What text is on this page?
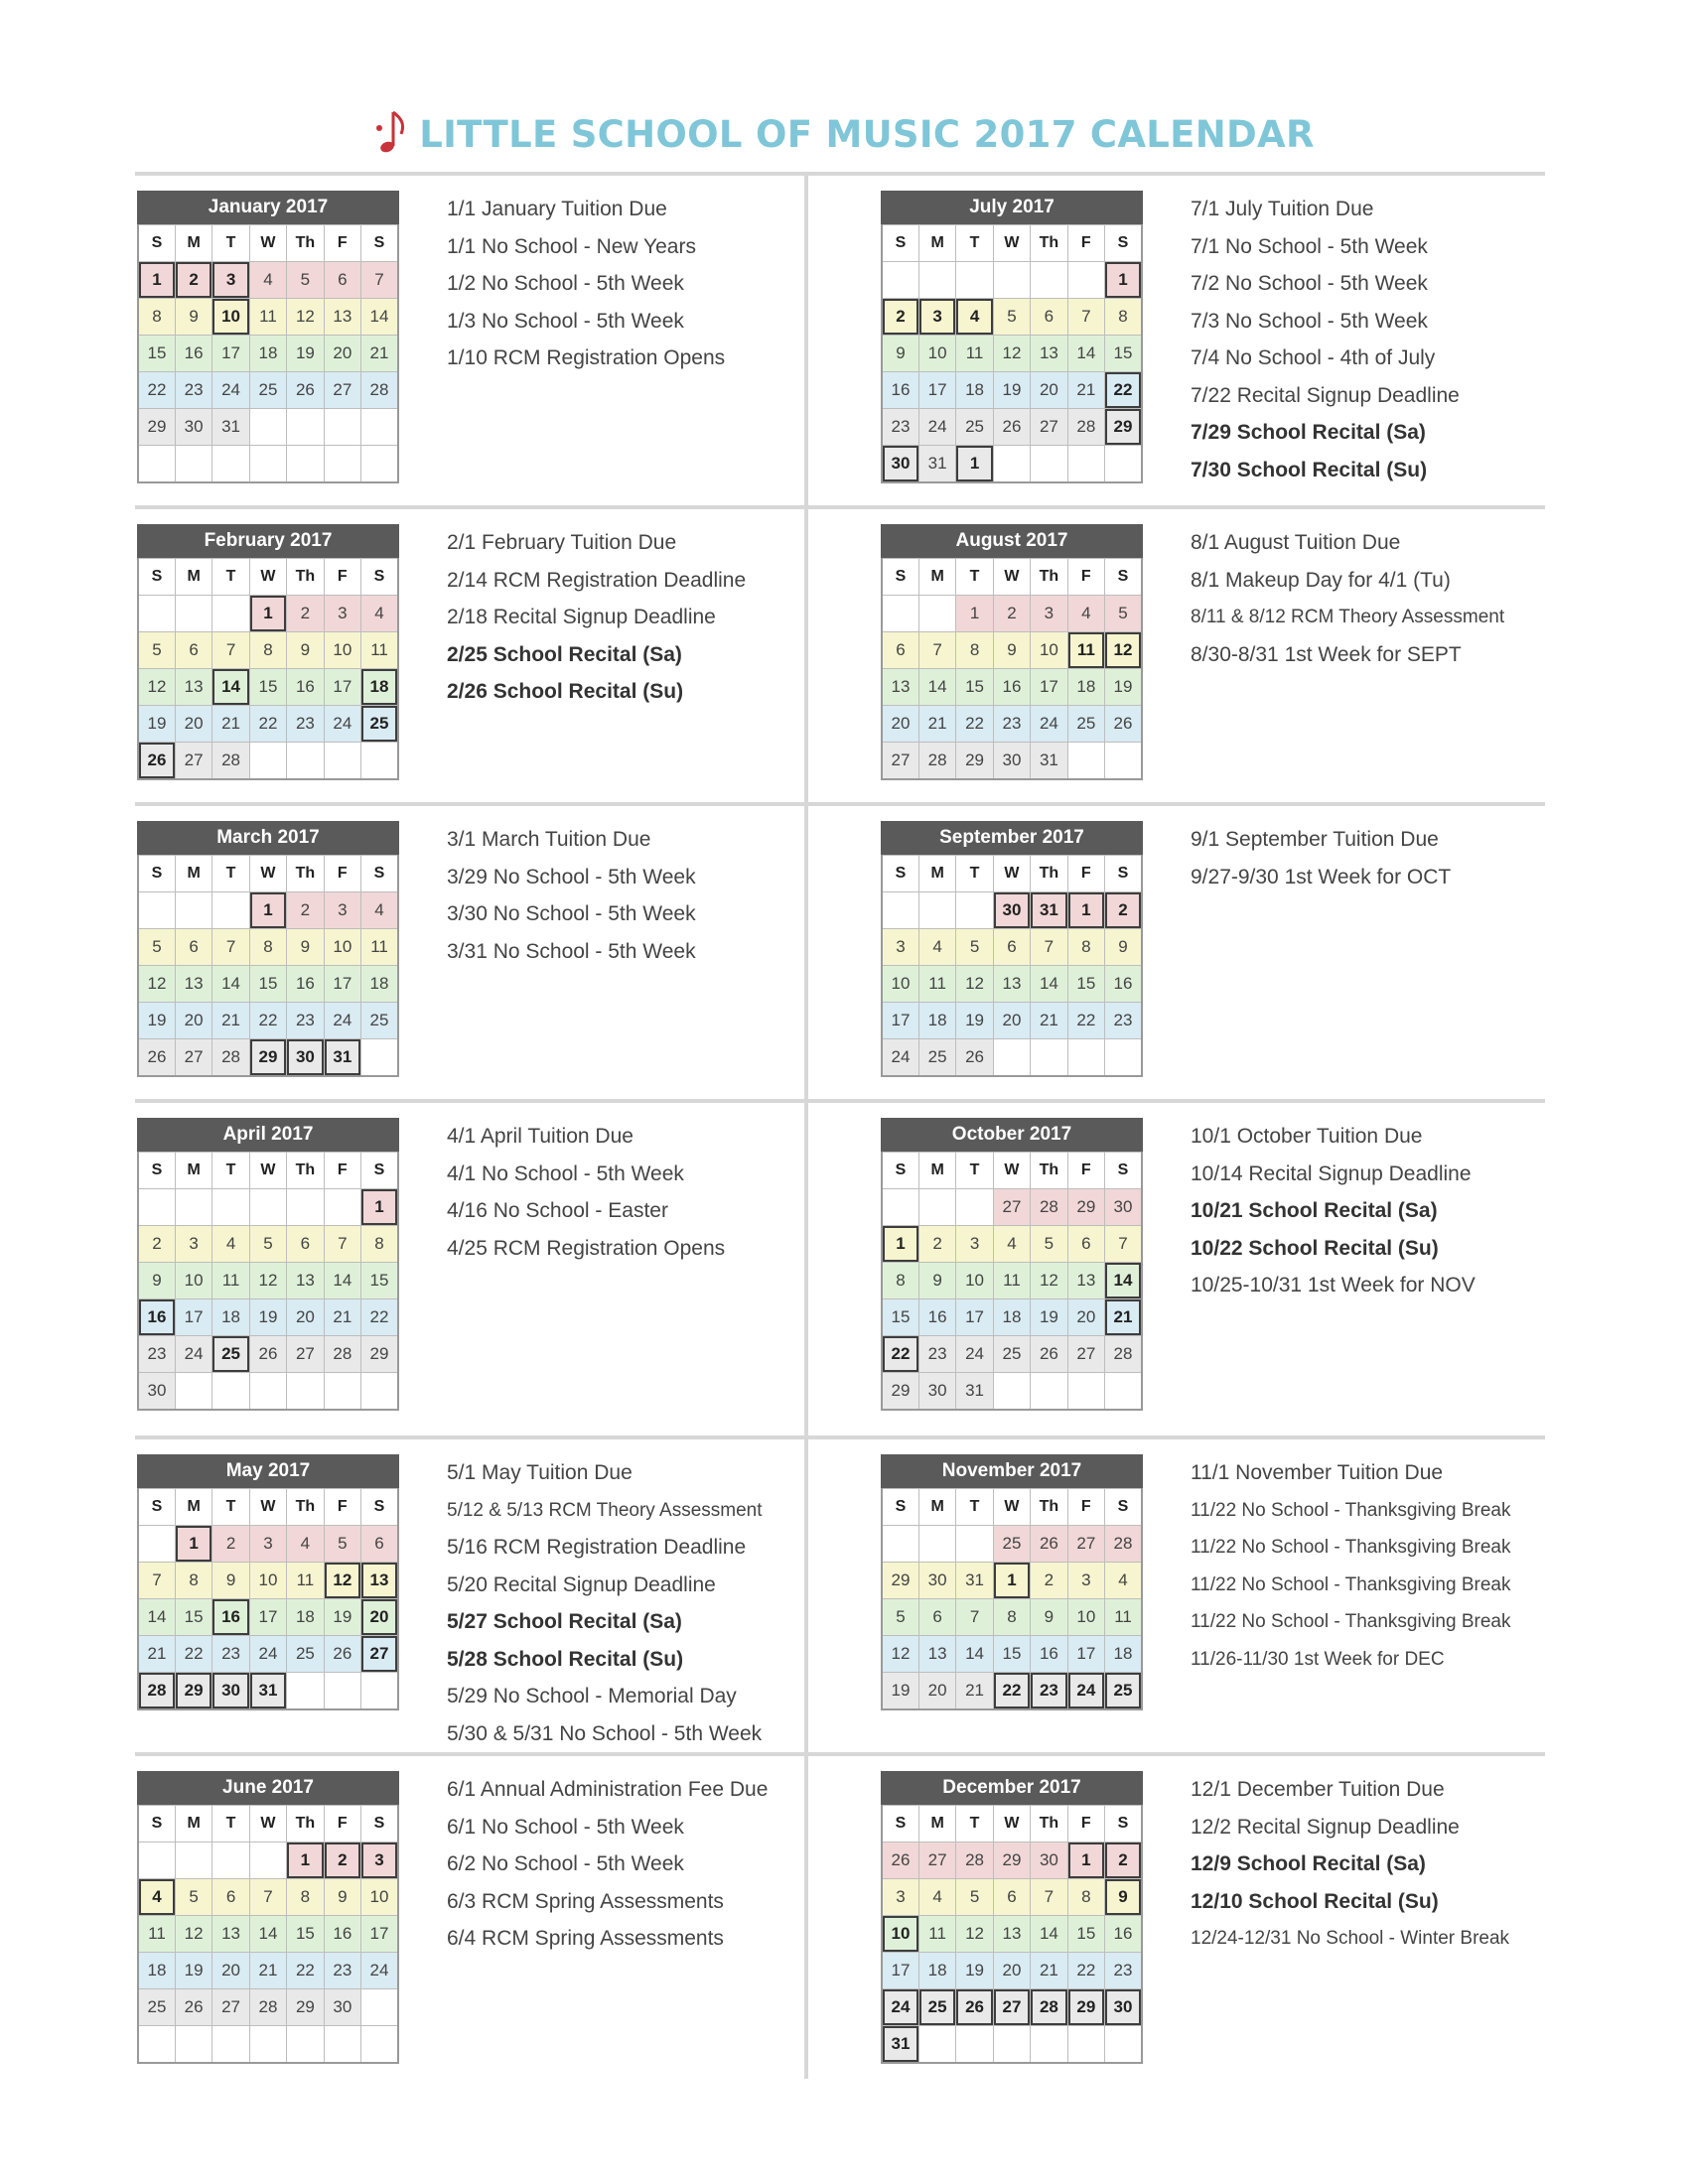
LITTLE SCHOOL OF MUSIC 2017 CALENDAR
January 2017
S	M	T	W	Th	F	S
1	2	3	4	5	6	7
8	9	10	11	12	13	14
15	16	17	18	19	20	21
22	23	24	25	26	27	28
29	30	31				

1/1 January Tuition Due
1/1 No School - New Years
1/2 No School - 5th Week
1/3 No School - 5th Week
1/10 RCM Registration Opens
July 2017
S	M	T	W	Th	F	S
						1
2	3	4	5	6	7	8
9	10	11	12	13	14	15
16	17	18	19	20	21	22
23	24	25	26	27	28	29
30	31	1				
7/1 July Tuition Due
7/1 No School - 5th Week
7/2 No School - 5th Week
7/3 No School - 5th Week
7/4 No School - 4th of July
7/22 Recital Signup Deadline
7/29 School Recital (Sa)
7/30 School Recital (Su)
February 2017
S	M	T	W	Th	F	S
			1	2	3	4
5	6	7	8	9	10	11
12	13	14	15	16	17	18
19	20	21	22	23	24	25
26	27	28				
2/1 February Tuition Due
2/14 RCM Registration Deadline
2/18 Recital Signup Deadline
2/25 School Recital (Sa)
2/26 School Recital (Su)
August 2017
S	M	T	W	Th	F	S
		1	2	3	4	5
6	7	8	9	10	11	12
13	14	15	16	17	18	19
20	21	22	23	24	25	26
27	28	29	30	31		
8/1 August Tuition Due
8/1 Makeup Day for 4/1 (Tu)
8/11 & 8/12 RCM Theory Assessment
8/30-8/31 1st Week for SEPT
March 2017
S	M	T	W	Th	F	S
			1	2	3	4
5	6	7	8	9	10	11
12	13	14	15	16	17	18
19	20	21	22	23	24	25
26	27	28	29	30	31	
3/1 March Tuition Due
3/29 No School - 5th Week
3/30 No School - 5th Week
3/31 No School - 5th Week
September 2017
S	M	T	W	Th	F	S
			30	31	1	2
3	4	5	6	7	8	9
10	11	12	13	14	15	16
17	18	19	20	21	22	23
24	25	26				
9/1 September Tuition Due
9/27-9/30 1st Week for OCT
April 2017
S	M	T	W	Th	F	S
						1
2	3	4	5	6	7	8
9	10	11	12	13	14	15
16	17	18	19	20	21	22
23	24	25	26	27	28	29
30						
4/1 April Tuition Due
4/1 No School - 5th Week
4/16 No School - Easter
4/25 RCM Registration Opens
October 2017
S	M	T	W	Th	F	S
			27	28	29	30
1	2	3	4	5	6	7
8	9	10	11	12	13	14
15	16	17	18	19	20	21
22	23	24	25	26	27	28
29	30	31				
10/1 October Tuition Due
10/14 Recital Signup Deadline
10/21 School Recital (Sa)
10/22 School Recital (Su)
10/25-10/31 1st Week for NOV
May 2017
S	M	T	W	Th	F	S
	1	2	3	4	5	6
7	8	9	10	11	12	13
14	15	16	17	18	19	20
21	22	23	24	25	26	27
28	29	30	31			
5/1 May Tuition Due
5/12 & 5/13 RCM Theory Assessment
5/16 RCM Registration Deadline
5/20 Recital Signup Deadline
5/27 School Recital (Sa)
5/28 School Recital (Su)
5/29 No School - Memorial Day
5/30 & 5/31 No School - 5th Week
November 2017
S	M	T	W	Th	F	S
			25	26	27	28
29	30	31	1	2	3	4
5	6	7	8	9	10	11
12	13	14	15	16	17	18
19	20	21	22	23	24	25
11/1 November Tuition Due
11/22 No School - Thanksgiving Break
11/22 No School - Thanksgiving Break
11/22 No School - Thanksgiving Break
11/22 No School - Thanksgiving Break
11/26-11/30 1st Week for DEC
June 2017
S	M	T	W	Th	F	S
				1	2	3
4	5	6	7	8	9	10
11	12	13	14	15	16	17
18	19	20	21	22	23	24
25	26	27	28	29	30	

6/1 Annual Administration Fee Due
6/1 No School - 5th Week
6/2 No School - 5th Week
6/3 RCM Spring Assessments
6/4 RCM Spring Assessments
December 2017
S	M	T	W	Th	F	S
26	27	28	29	30	1	2
3	4	5	6	7	8	9
10	11	12	13	14	15	16
17	18	19	20	21	22	23
24	25	26	27	28	29	30
31						
12/1 December Tuition Due
12/2 Recital Signup Deadline
12/9 School Recital (Sa)
12/10 School Recital (Su)
12/24-12/31 No School - Winter Break
